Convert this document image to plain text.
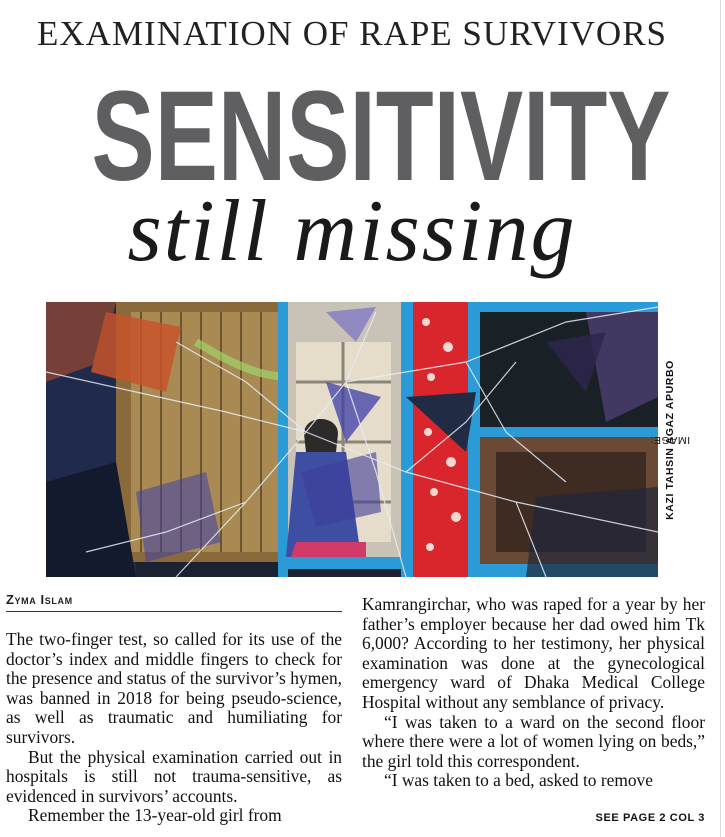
EXAMINATION OF RAPE SURVIVORS
SENSITIVITY
still missing
IMAGE:
KAZI TAHSIN AGAZ APURBO
Zyma Islam

The two-finger test, so called for its use of the doctor’s index and middle fingers to check for the presence and status of the survivor’s hymen, was banned in 2018 for being pseudo-science, as well as traumatic and humiliating for survivors.

But the physical examination carried out in hospitals is still not trauma-sensitive, as evidenced in survivors’ accounts.

Remember the 13-year-old girl from

Kamrangirchar, who was raped for a year by her father’s employer because her dad owed him Tk 6,000? According to her testimony, her physical examination was done at the gynecological emergency ward of Dhaka Medical College Hospital without any semblance of privacy.

“I was taken to a ward on the second floor where there were a lot of women lying on beds,” the girl told this correspondent.

“I was taken to a bed, asked to remove

SEE PAGE 2 COL 3
